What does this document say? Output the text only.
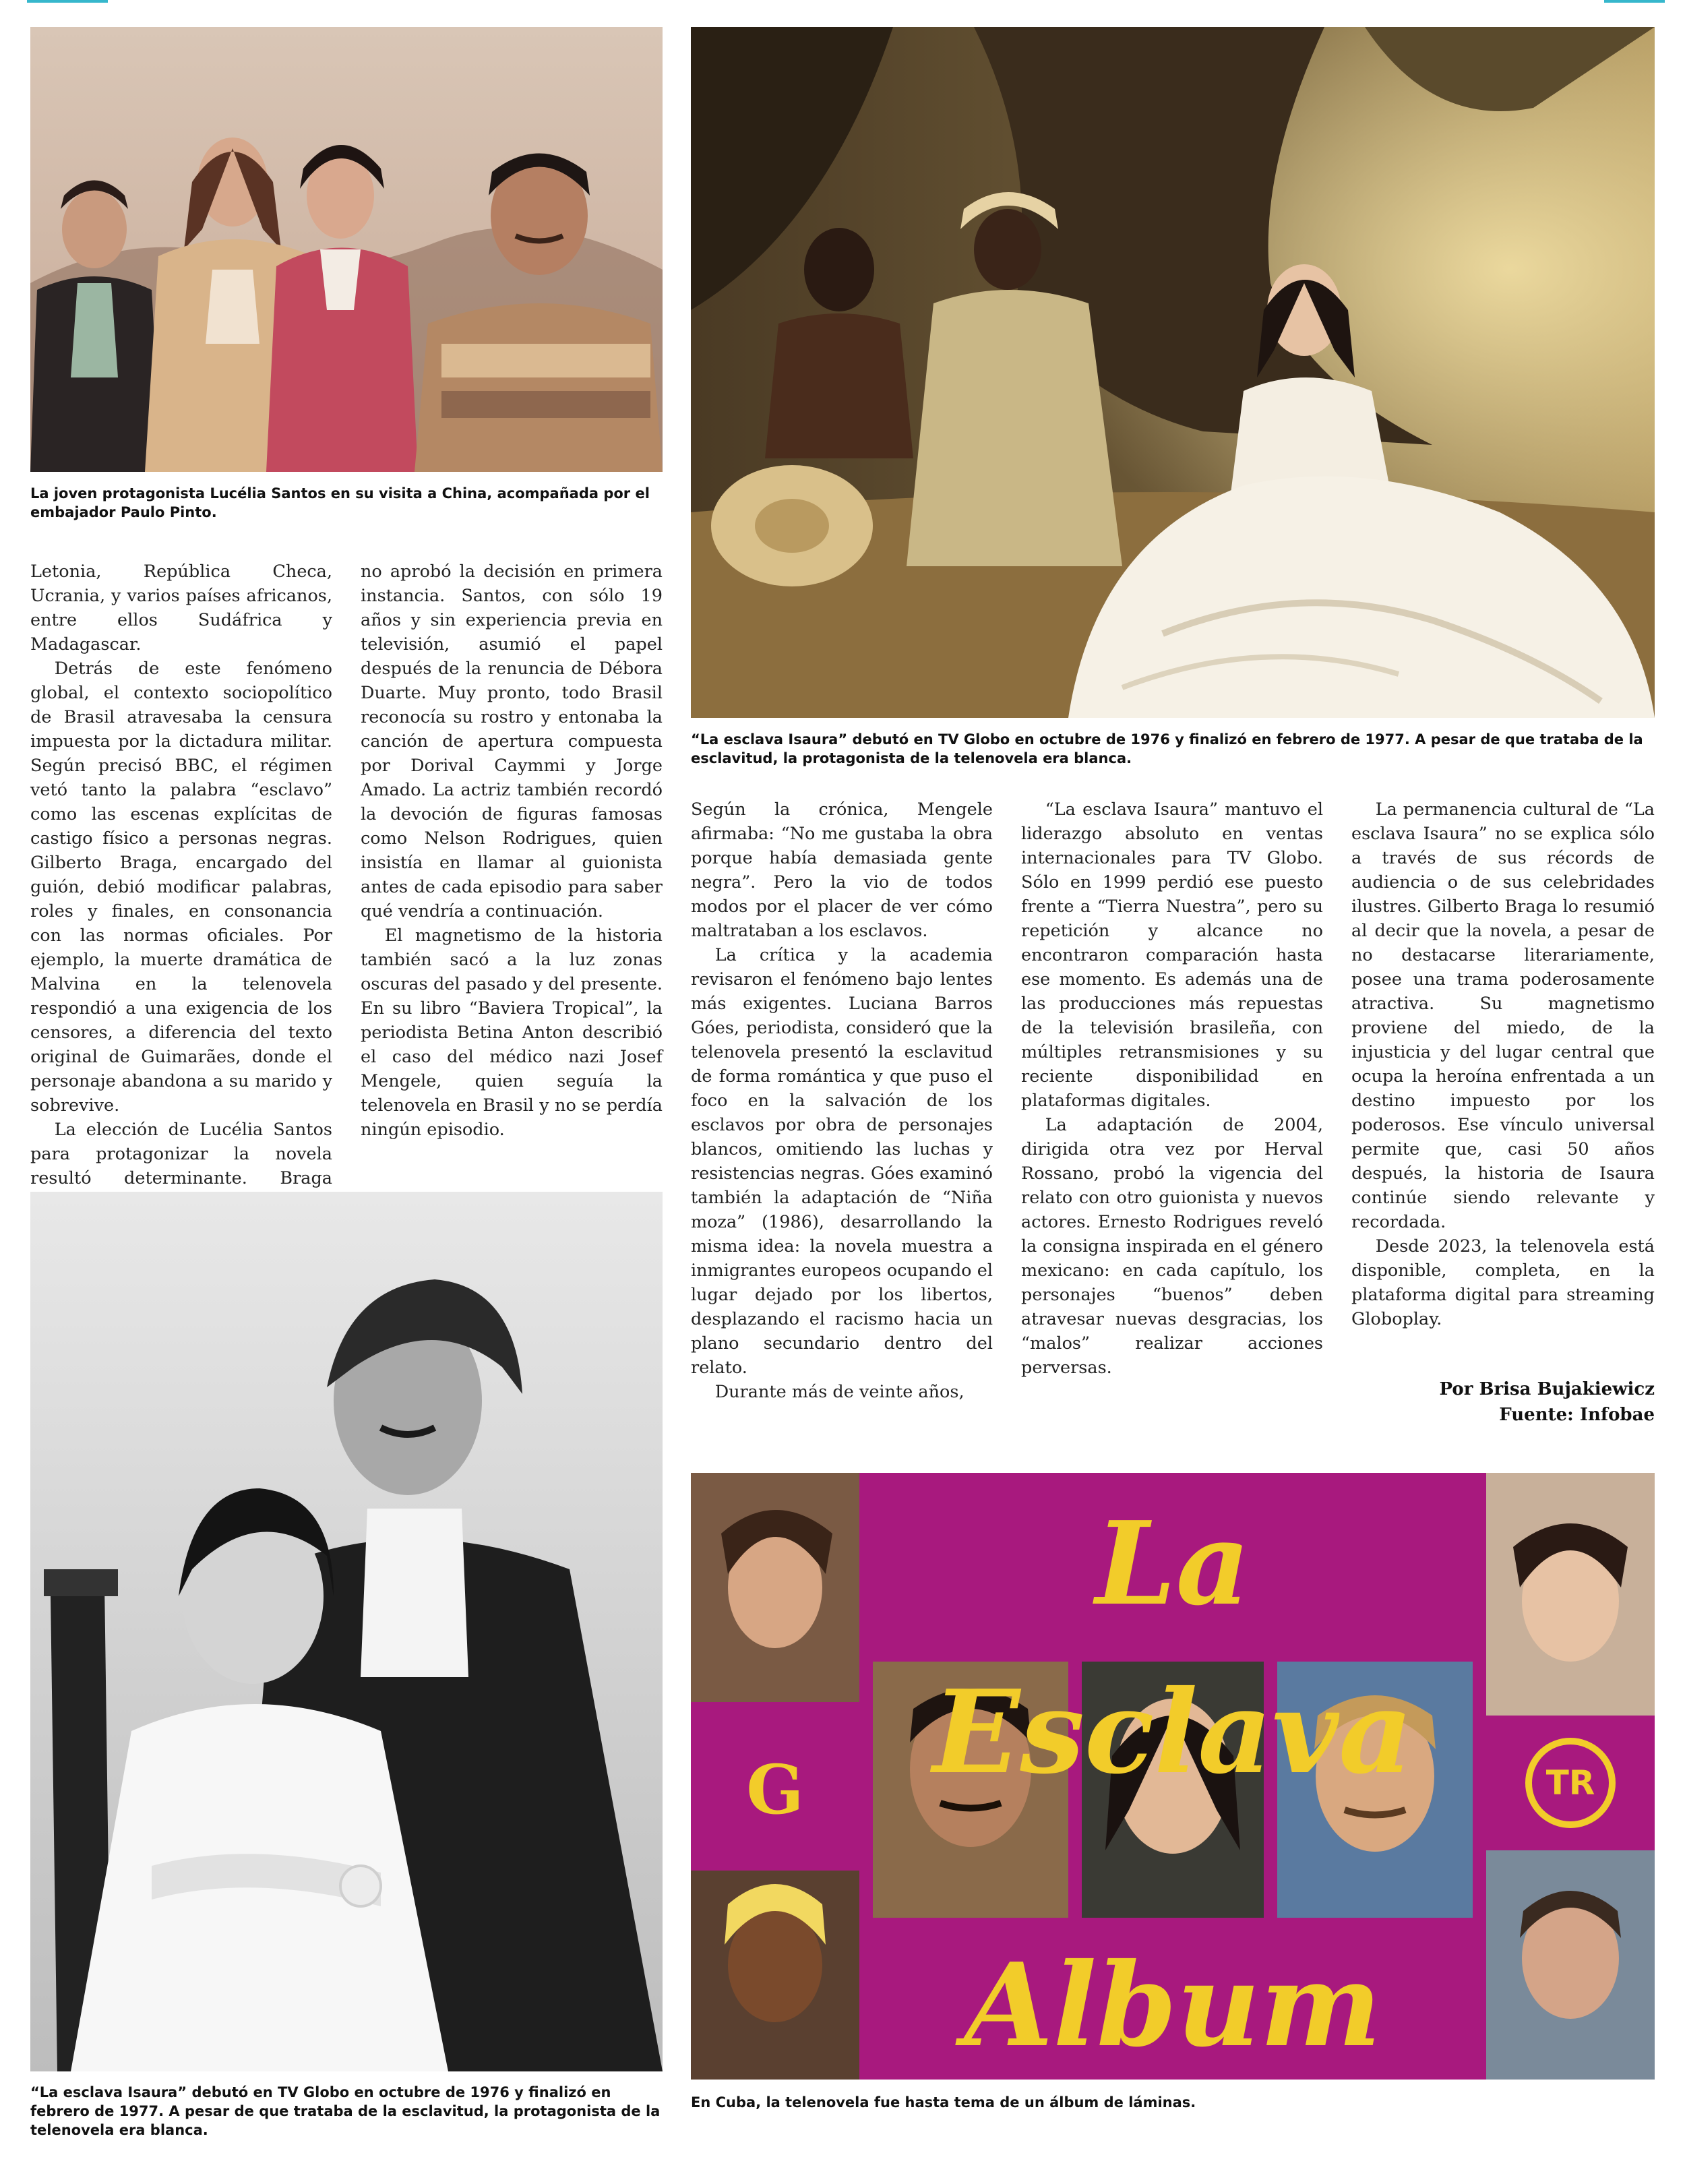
La joven protagonista Lucélia Santos en su visita a China, acompañada por el embajador Paulo Pinto.

“La esclava Isaura” debutó en TV Globo en octubre de 1976 y finalizó en febrero de 1977. A pesar de que trataba de la esclavitud, la protagonista de la telenovela era blanca.

Letonia, República Checa, Ucrania, y varios países africanos, entre ellos Sudáfrica y Madagascar.

Detrás de este fenómeno global, el contexto sociopolítico de Brasil atravesaba la censura impuesta por la dictadura militar. Según precisó BBC, el régimen vetó tanto la palabra “esclavo” como las escenas explícitas de castigo físico a personas negras. Gilberto Braga, encargado del guión, debió modificar palabras, roles y finales, en consonancia con las normas oficiales. Por ejemplo, la muerte dramática de Malvina en la telenovela respondió a una exigencia de los censores, a diferencia del texto original de Guimarães, donde el personaje abandona a su marido y sobrevive.

La elección de Lucélia Santos para protagonizar la novela resultó determinante. Braga

no aprobó la decisión en primera instancia. Santos, con sólo 19 años y sin experiencia previa en televisión, asumió el papel después de la renuncia de Débora Duarte. Muy pronto, todo Brasil reconocía su rostro y entonaba la canción de apertura compuesta por Dorival Caymmi y Jorge Amado. La actriz también recordó la devoción de figuras famosas como Nelson Rodrigues, quien insistía en llamar al guionista antes de cada episodio para saber qué vendría a continuación.

El magnetismo de la historia también sacó a la luz zonas oscuras del pasado y del presente. En su libro “Baviera Tropical”, la periodista Betina Anton describió el caso del médico nazi Josef Mengele, quien seguía la telenovela en Brasil y no se perdía ningún episodio.

Según la crónica, Mengele afirmaba: “No me gustaba la obra porque había demasiada gente negra”. Pero la vio de todos modos por el placer de ver cómo maltrataban a los esclavos.

La crítica y la academia revisaron el fenómeno bajo lentes más exigentes. Luciana Barros Góes, periodista, consideró que la telenovela presentó la esclavitud de forma romántica y que puso el foco en la salvación de los esclavos por obra de personajes blancos, omitiendo las luchas y resistencias negras. Góes examinó también la adaptación de “Niña moza” (1986), desarrollando la misma idea: la novela muestra a inmigrantes europeos ocupando el lugar dejado por los libertos, desplazando el racismo hacia un plano secundario dentro del relato.

Durante más de veinte años,

“La esclava Isaura” mantuvo el liderazgo absoluto en ventas internacionales para TV Globo. Sólo en 1999 perdió ese puesto frente a “Tierra Nuestra”, pero su repetición y alcance no encontraron comparación hasta ese momento. Es además una de las producciones más repuestas de la televisión brasileña, con múltiples retransmisiones y su reciente disponibilidad en plataformas digitales.

La adaptación de 2004, dirigida otra vez por Herval Rossano, probó la vigencia del relato con otro guionista y nuevos actores. Ernesto Rodrigues reveló la consigna inspirada en el género mexicano: en cada capítulo, los personajes “buenos” deben atravesar nuevas desgracias, los “malos” realizar acciones perversas.

La permanencia cultural de “La esclava Isaura” no se explica sólo a través de sus récords de audiencia o de sus celebridades ilustres. Gilberto Braga lo resumió al decir que la novela, a pesar de no destacarse literariamente, posee una trama poderosamente atractiva. Su magnetismo proviene del miedo, de la injusticia y del lugar central que ocupa la heroína enfrentada a un destino impuesto por los poderosos. Ese vínculo universal permite que, casi 50 años después, la historia de Isaura continúe siendo relevante y recordada.

Desde 2023, la telenovela está disponible, completa, en la plataforma digital para streaming Globoplay.

Por Brisa Bujakiewicz
Fuente: Infobae

“La esclava Isaura” debutó en TV Globo en octubre de 1976 y finalizó en febrero de 1977. A pesar de que trataba de la esclavitud, la protagonista de la telenovela era blanca.

La Esclava
Album
G	TR

En Cuba, la telenovela fue hasta tema de un álbum de láminas.
